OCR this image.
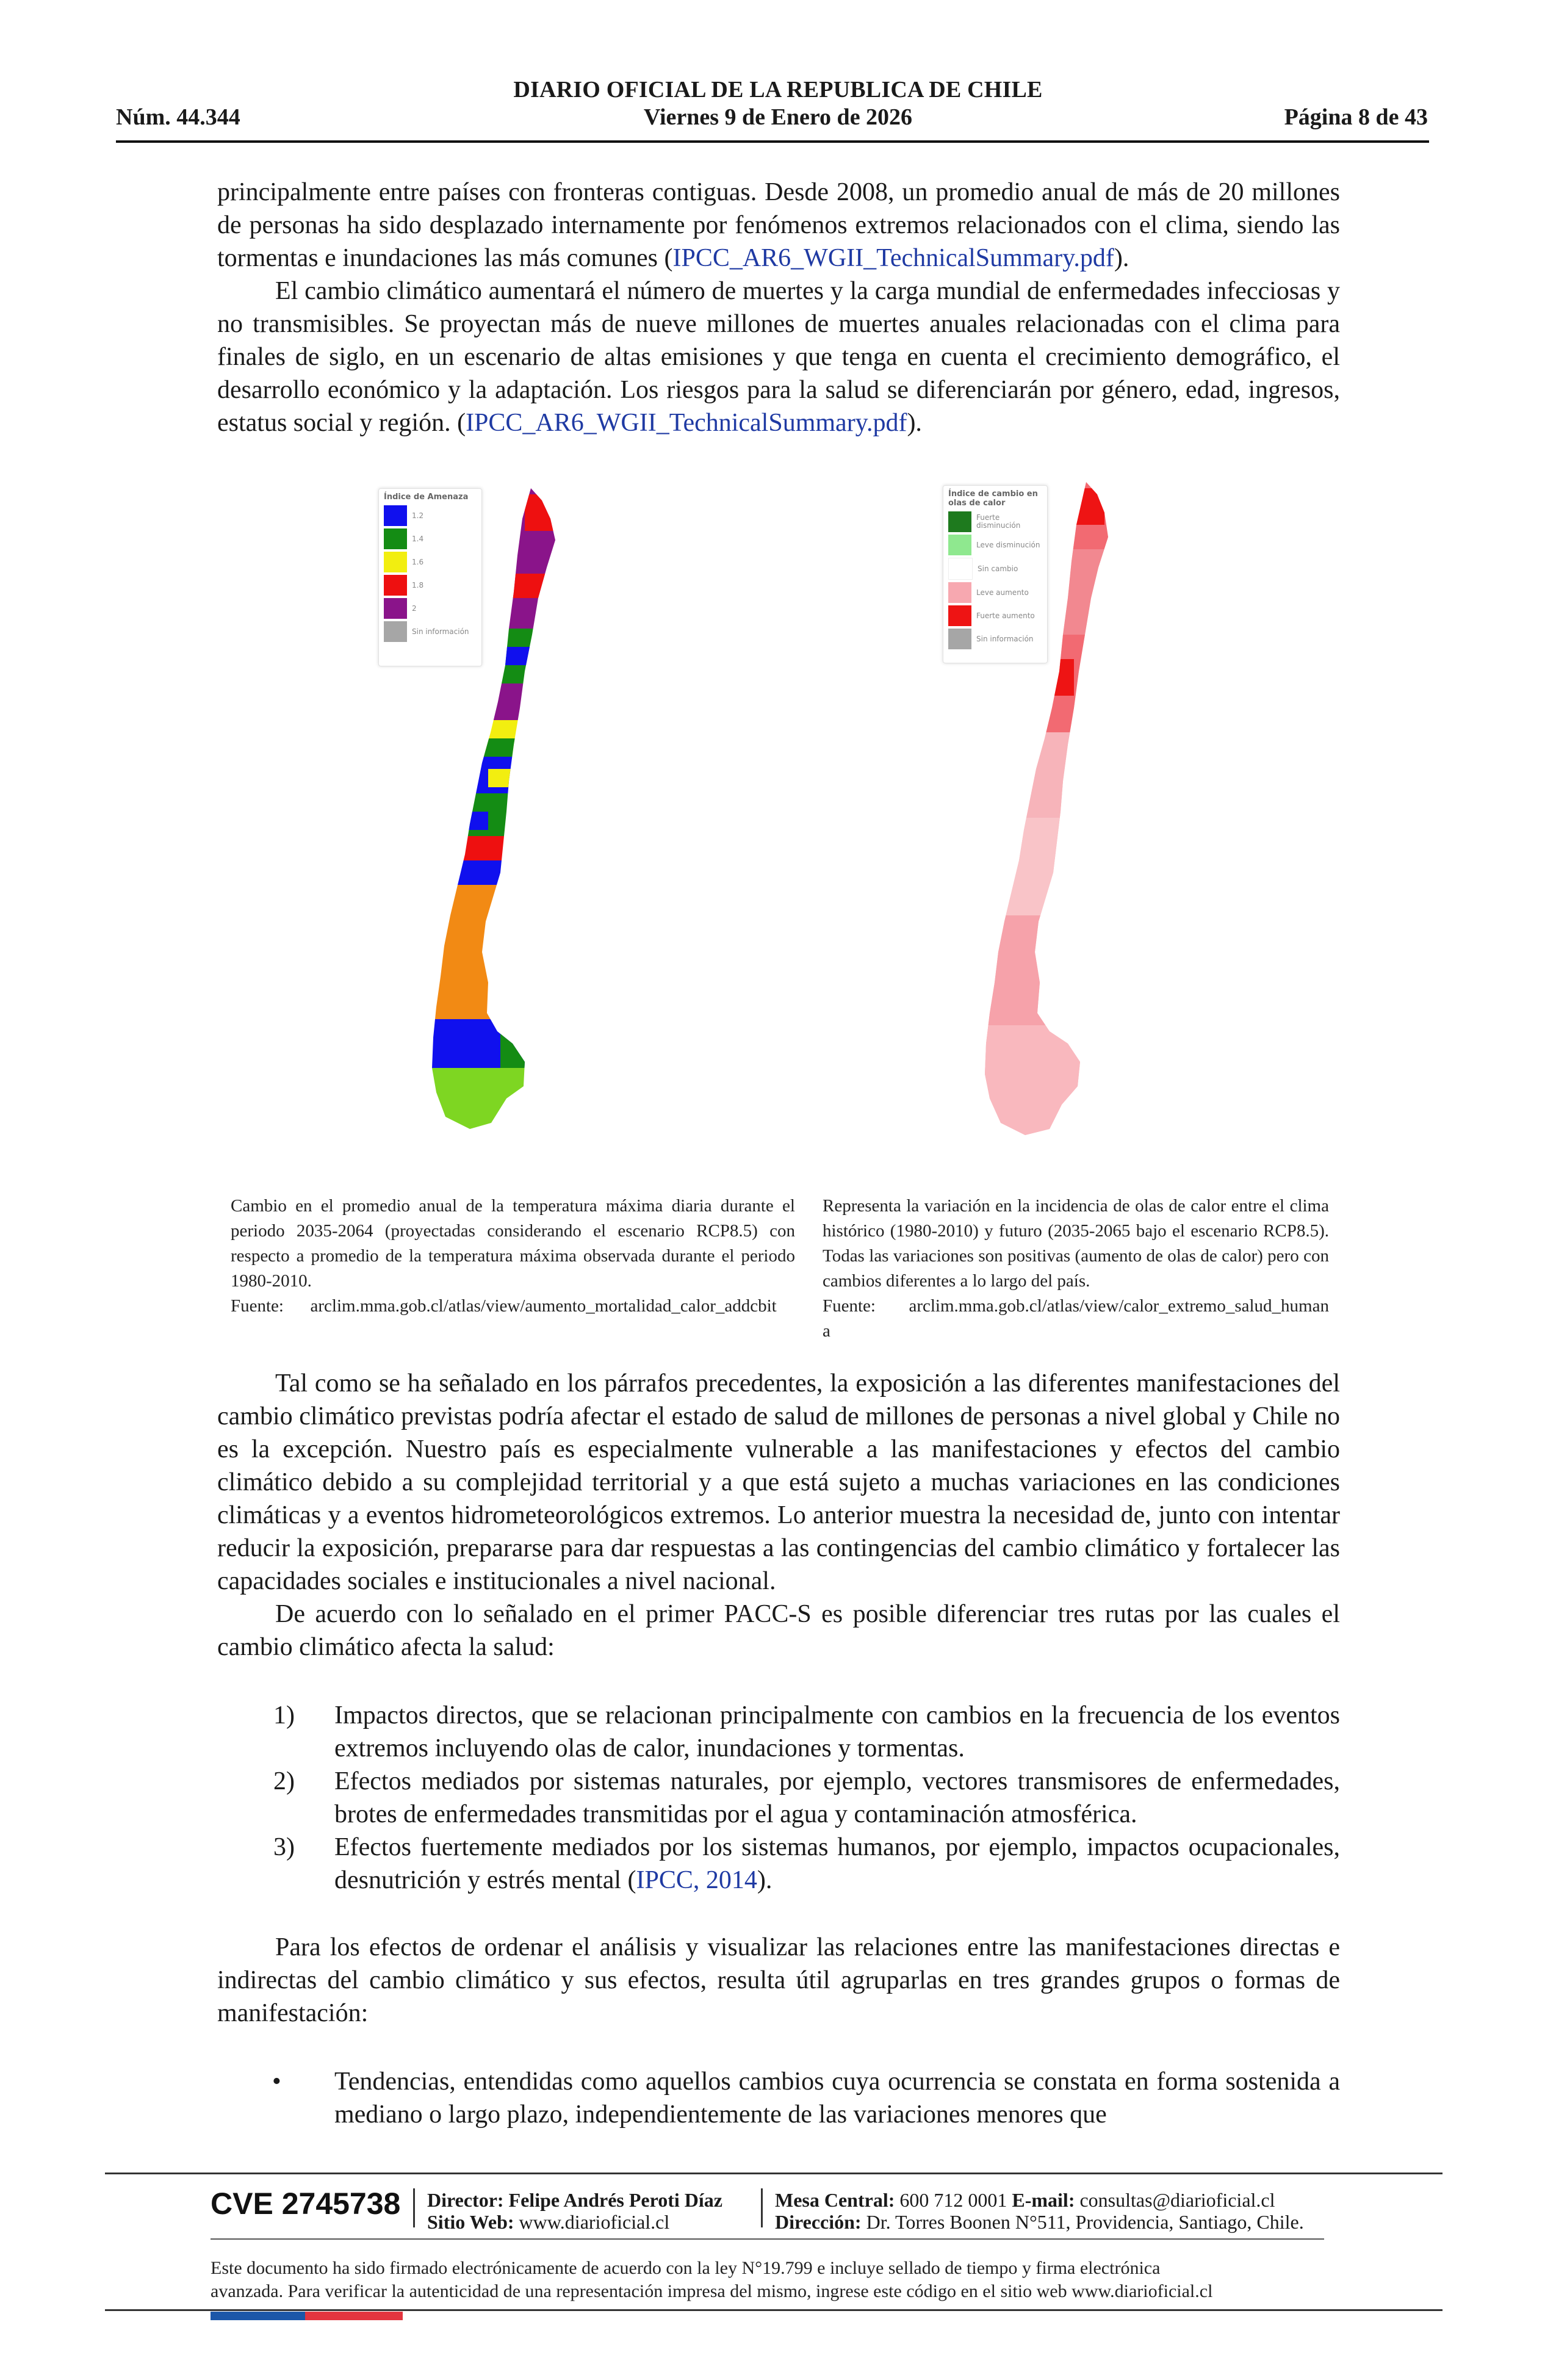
DIARIO OFICIAL DE LA REPUBLICA DE CHILE
Núm. 44.344	Viernes 9 de Enero de 2026	Página 8 de 43

principalmente entre países con fronteras contiguas. Desde 2008, un promedio anual de más de 20 millones de personas ha sido desplazado internamente por fenómenos extremos relacionados con el clima, siendo las tormentas e inundaciones las más comunes (IPCC_AR6_WGII_TechnicalSummary.pdf).

El cambio climático aumentará el número de muertes y la carga mundial de enfermedades infecciosas y no transmisibles. Se proyectan más de nueve millones de muertes anuales relacionadas con el clima para finales de siglo, en un escenario de altas emisiones y que tenga en cuenta el crecimiento demográfico, el desarrollo económico y la adaptación. Los riesgos para la salud se diferenciarán por género, edad, ingresos, estatus social y región. (IPCC_AR6_WGII_TechnicalSummary.pdf).

Índice de Amenaza
1.2
1.4
1.6
1.8
2
Sin información
Índice de cambio en olas de calor
Fuerte disminución
Leve disminución
Sin cambio
Leve aumento
Fuerte aumento
Sin información

Cambio en el promedio anual de la temperatura máxima diaria durante el periodo 2035-2064 (proyectadas considerando el escenario RCP8.5) con respecto a promedio de la temperatura máxima observada durante el periodo 1980-2010.

Fuente: arclim.mma.gob.cl/atlas/view/aumento_mortalidad_calor_addcbit

Representa la variación en la incidencia de olas de calor entre el clima histórico (1980-2010) y futuro (2035-2065 bajo el escenario RCP8.5). Todas las variaciones son positivas (aumento de olas de calor) pero con cambios diferentes a lo largo del país.

Fuente: arclim.mma.gob.cl/atlas/view/calor_extremo_salud_humana

Tal como se ha señalado en los párrafos precedentes, la exposición a las diferentes manifestaciones del cambio climático previstas podría afectar el estado de salud de millones de personas a nivel global y Chile no es la excepción. Nuestro país es especialmente vulnerable a las manifestaciones y efectos del cambio climático debido a su complejidad territorial y a que está sujeto a muchas variaciones en las condiciones climáticas y a eventos hidrometeorológicos extremos. Lo anterior muestra la necesidad de, junto con intentar reducir la exposición, prepararse para dar respuestas a las contingencias del cambio climático y fortalecer las capacidades sociales e institucionales a nivel nacional.

De acuerdo con lo señalado en el primer PACC-S es posible diferenciar tres rutas por las cuales el cambio climático afecta la salud:

1) Impactos directos, que se relacionan principalmente con cambios en la frecuencia de los eventos extremos incluyendo olas de calor, inundaciones y tormentas.
2) Efectos mediados por sistemas naturales, por ejemplo, vectores transmisores de enfermedades, brotes de enfermedades transmitidas por el agua y contaminación atmosférica.
3) Efectos fuertemente mediados por los sistemas humanos, por ejemplo, impactos ocupacionales, desnutrición y estrés mental (IPCC, 2014).

Para los efectos de ordenar el análisis y visualizar las relaciones entre las manifestaciones directas e indirectas del cambio climático y sus efectos, resulta útil agruparlas en tres grandes grupos o formas de manifestación:

• Tendencias, entendidas como aquellos cambios cuya ocurrencia se constata en forma sostenida a mediano o largo plazo, independientemente de las variaciones menores que
CVE 2745738 Director: Felipe Andrés Peroti Díaz
Sitio Web: www.diarioficial.cl
Mesa Central: 600 712 0001 E-mail: consultas@diarioficial.cl
Dirección: Dr. Torres Boonen N°511, Providencia, Santiago, Chile.
Este documento ha sido firmado electrónicamente de acuerdo con la ley N°19.799 e incluye sellado de tiempo y firma electrónica
avanzada. Para verificar la autenticidad de una representación impresa del mismo, ingrese este código en el sitio web www.diarioficial.cl
